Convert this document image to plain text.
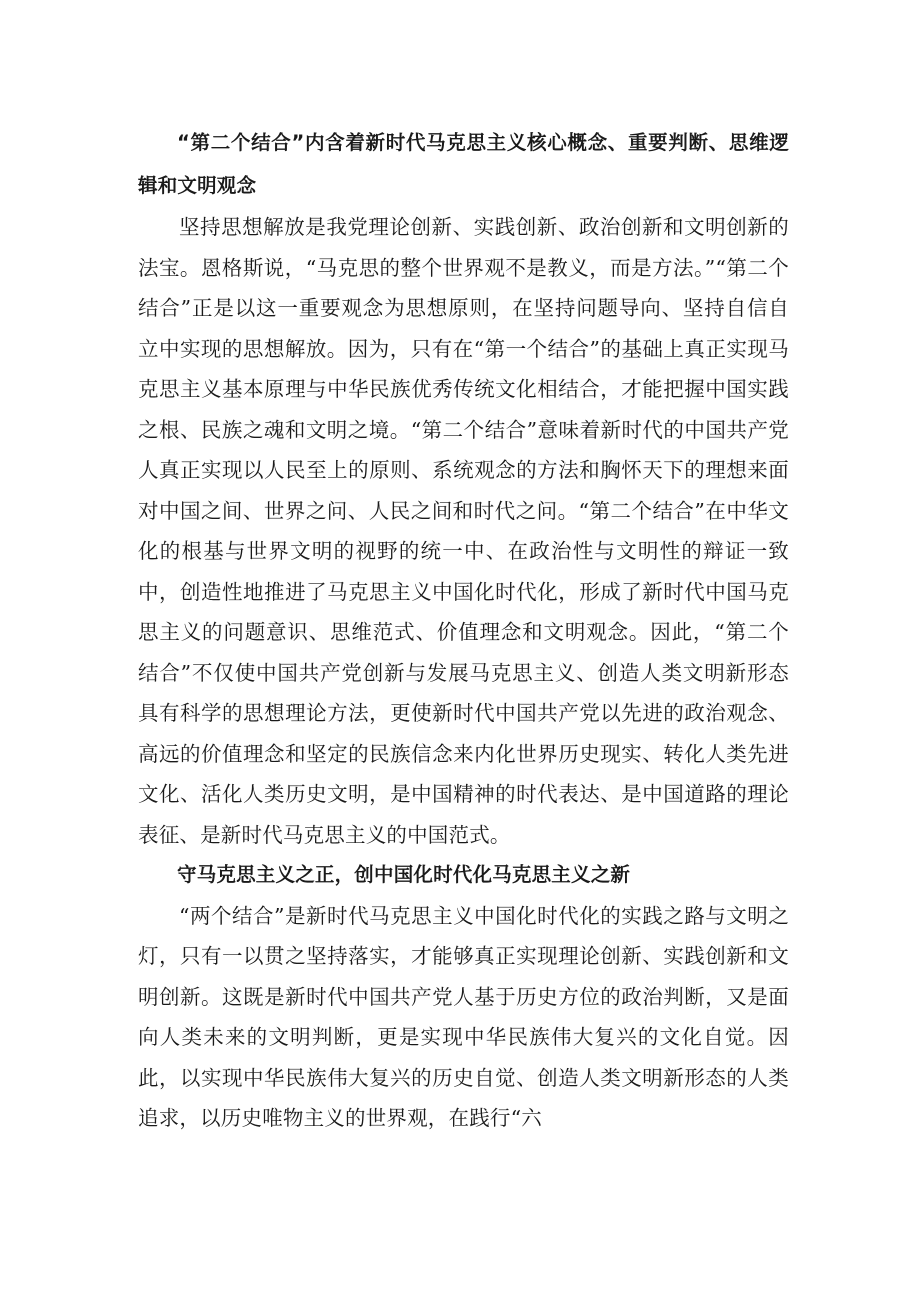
“第二个结合”内含着新时代马克思主义核心概念、重要判断、思维逻辑和文明观念

坚持思想解放是我党理论创新、实践创新、政治创新和文明创新的法宝。恩格斯说，“马克思的整个世界观不是教义，而是方法。”“第二个结合”正是以这一重要观念为思想原则，在坚持问题导向、坚持自信自立中实现的思想解放。因为，只有在“第一个结合”的基础上真正实现马克思主义基本原理与中华民族优秀传统文化相结合，才能把握中国实践之根、民族之魂和文明之境。“第二个结合”意味着新时代的中国共产党人真正实现以人民至上的原则、系统观念的方法和胸怀天下的理想来面对中国之间、世界之问、人民之间和时代之问。“第二个结合”在中华文化的根基与世界文明的视野的统一中、在政治性与文明性的辩证一致中，创造性地推进了马克思主义中国化时代化，形成了新时代中国马克思主义的问题意识、思维范式、价值理念和文明观念。因此，“第二个结合”不仅使中国共产党创新与发展马克思主义、创造人类文明新形态具有科学的思想理论方法，更使新时代中国共产党以先进的政治观念、高远的价值理念和坚定的民族信念来内化世界历史现实、转化人类先进文化、活化人类历史文明，是中国精神的时代表达、是中国道路的理论表征、是新时代马克思主义的中国范式。

守马克思主义之正，创中国化时代化马克思主义之新

“两个结合”是新时代马克思主义中国化时代化的实践之路与文明之灯，只有一以贯之坚持落实，才能够真正实现理论创新、实践创新和文明创新。这既是新时代中国共产党人基于历史方位的政治判断，又是面向人类未来的文明判断，更是实现中华民族伟大复兴的文化自觉。因此，以实现中华民族伟大复兴的历史自觉、创造人类文明新形态的人类追求，以历史唯物主义的世界观，在践行“六
